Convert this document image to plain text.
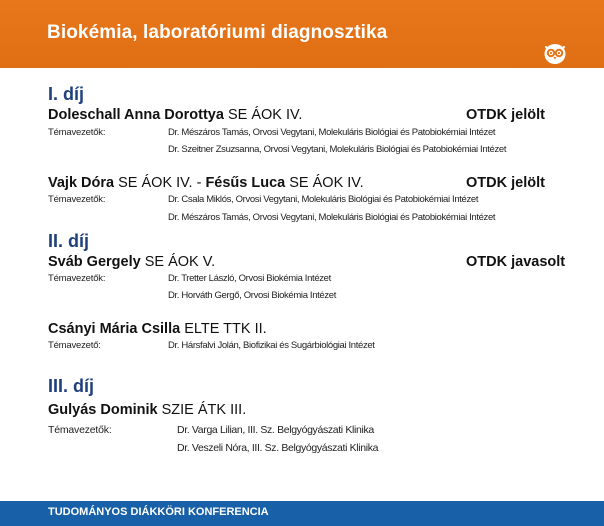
Biokémia, laboratóriumi diagnosztika
I. díj
Doleschall Anna Dorottya SE ÁOK IV.	OTDK jelölt
Témavezetők:	Dr. Mészáros Tamás, Orvosi Vegytani, Molekuláris Biológiai és Patobiokémiai Intézet
Dr. Szeitner Zsuzsanna, Orvosi Vegytani, Molekuláris Biológiai és Patobiokémiai Intézet
Vajk Dóra SE ÁOK IV. - Fésűs Luca SE ÁOK IV.	OTDK jelölt
Témavezetők:	Dr. Csala Miklós, Orvosi Vegytani, Molekuláris Biológiai és Patobiokémiai Intézet
Dr. Mészáros Tamás, Orvosi Vegytani, Molekuláris Biológiai és Patobiokémiai Intézet
II. díj
Sváb Gergely SE ÁOK V.	OTDK javasolt
Témavezetők:	Dr. Tretter László, Orvosi Biokémia Intézet
Dr. Horváth Gergő, Orvosi Biokémia Intézet
Csányi Mária Csilla ELTE TTK II.
Témavezető:	Dr. Hársfalvi Jolán, Biofizikai és Sugárbiológiai Intézet
III. díj
Gulyás Dominik SZIE ÁTK III.
Témavezetők:	Dr. Varga Lilian, III. Sz. Belgyógyászati Klinika
Dr. Veszeli Nóra, III. Sz. Belgyógyászati Klinika
TUDOMÁNYOS DIÁKKÖRI KONFERENCIA
